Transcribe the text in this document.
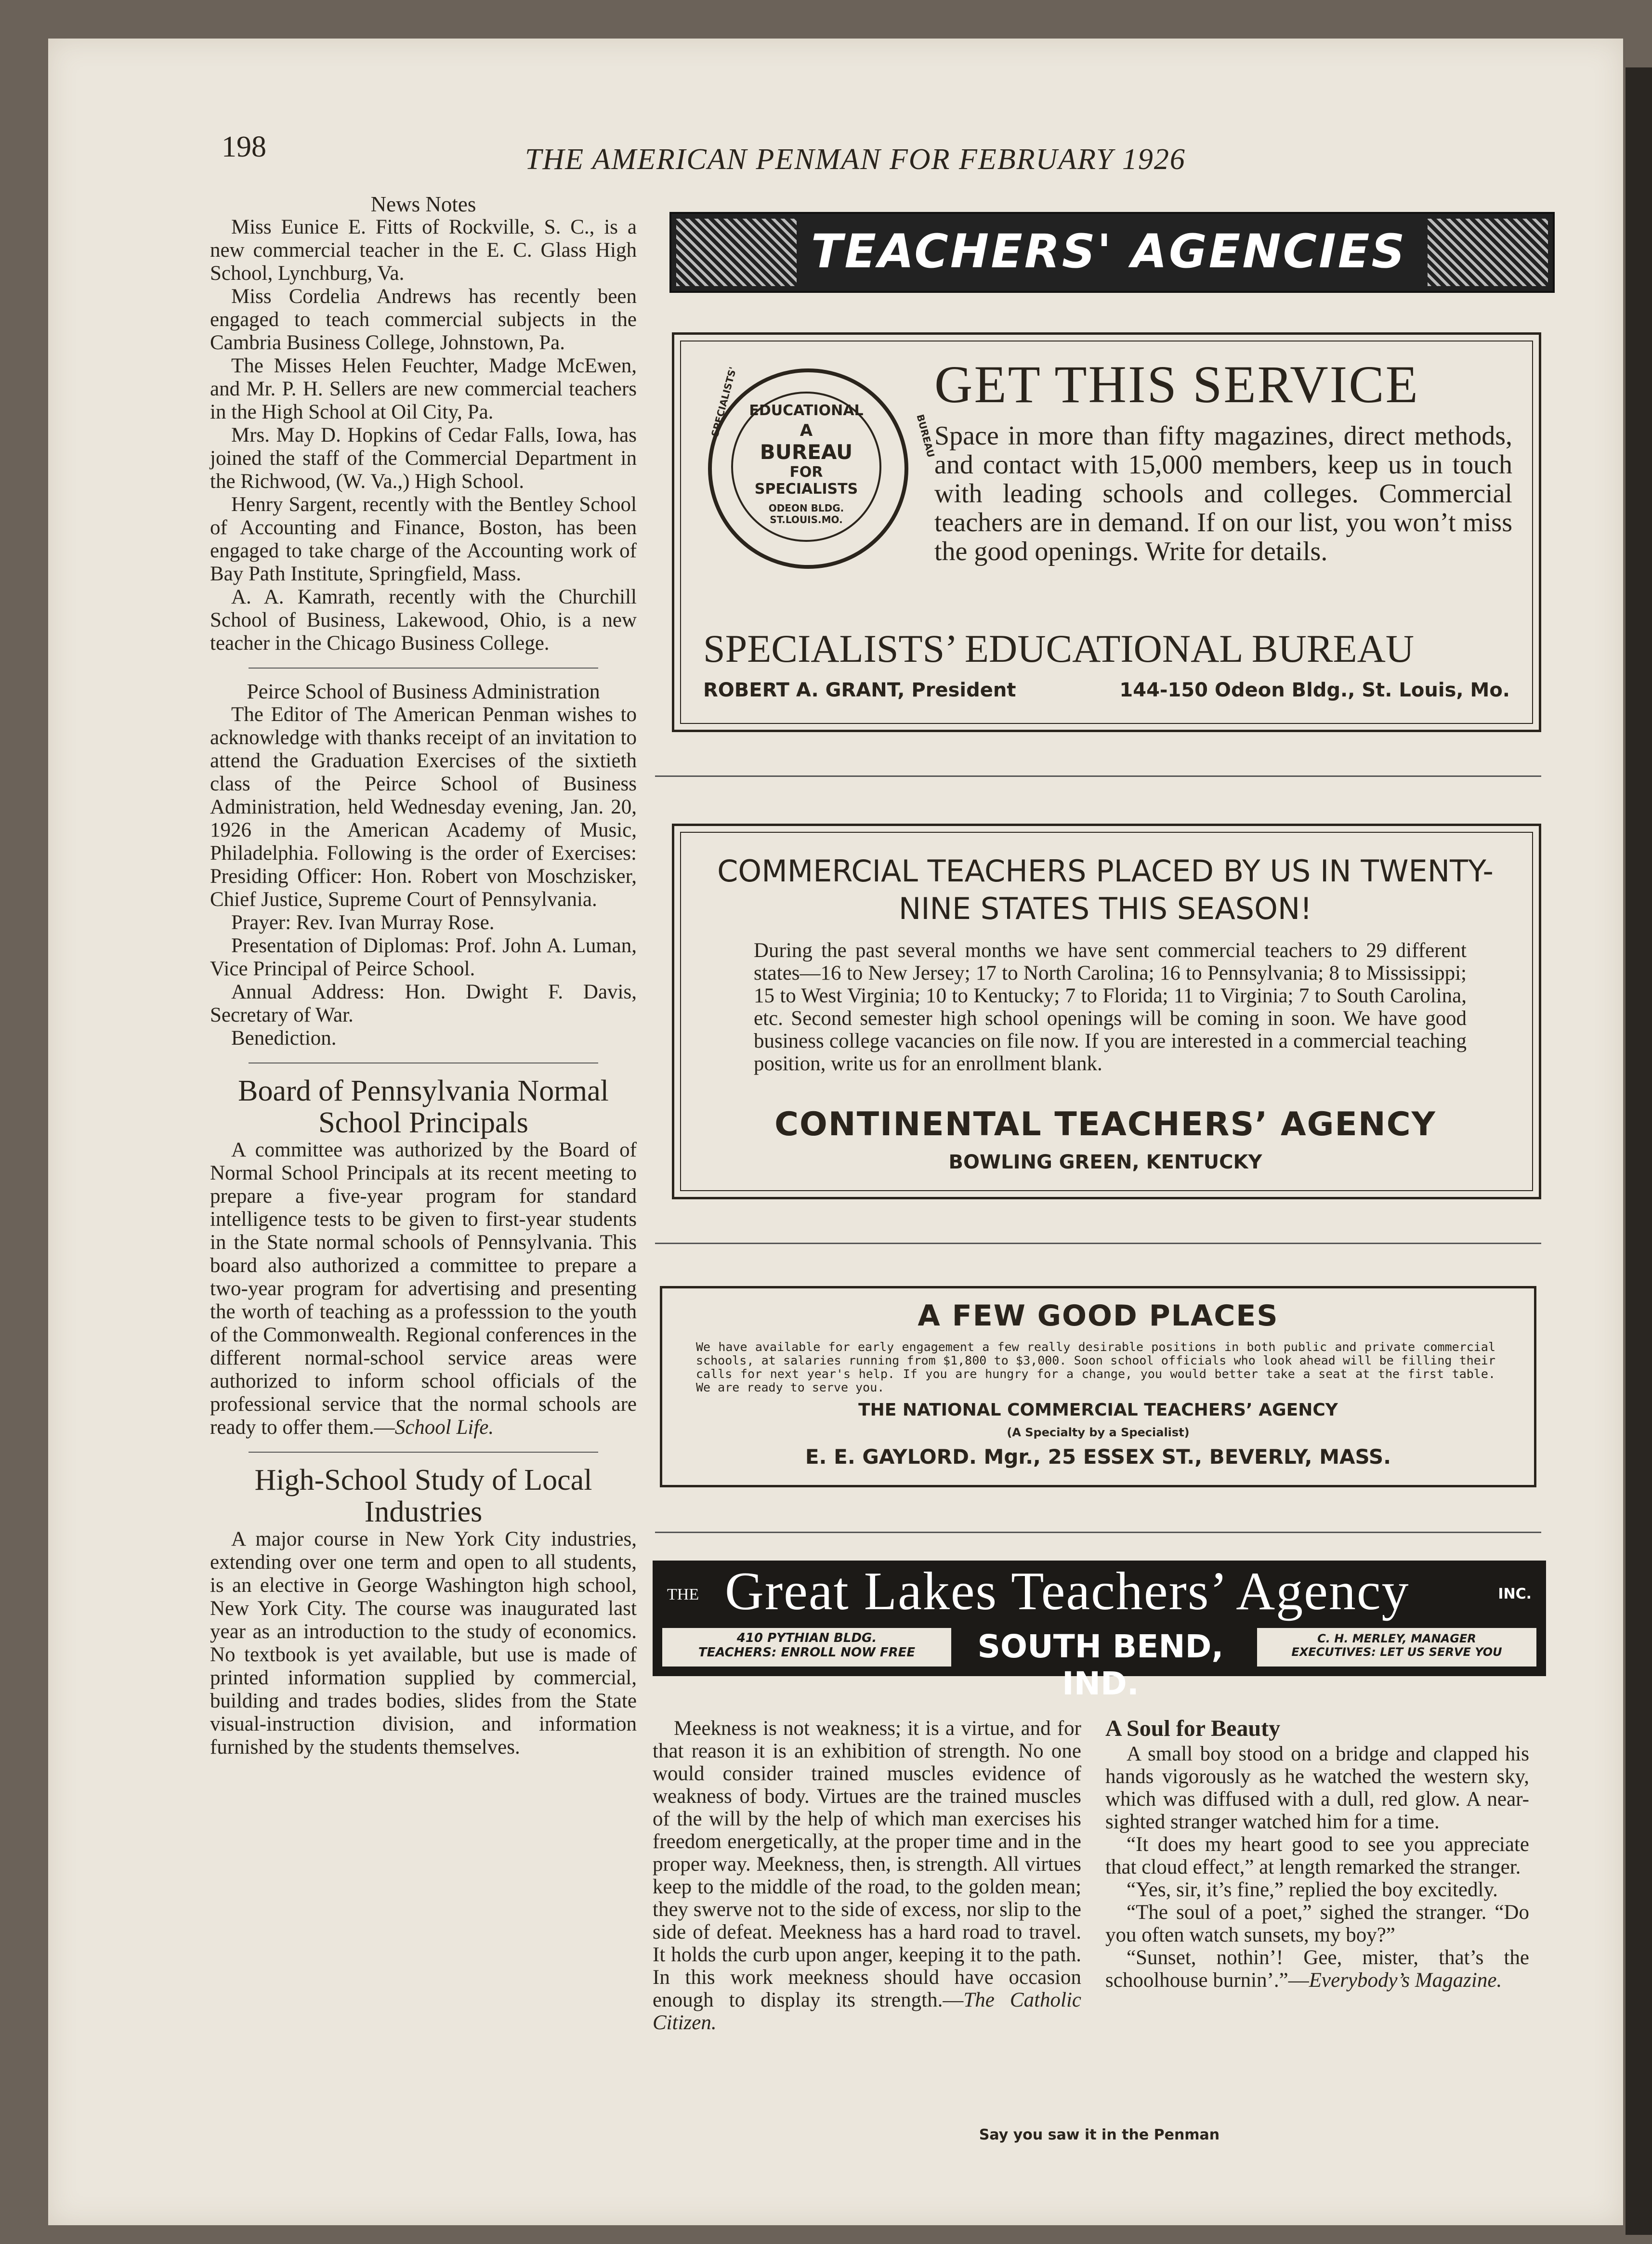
198	THE AMERICAN PENMAN FOR FEBRUARY 1926
News Notes

Miss Eunice E. Fitts of Rockville, S. C., is a new commercial teacher in the E. C. Glass High School, Lynchburg, Va.

Miss Cordelia Andrews has recently been engaged to teach commercial subjects in the Cambria Business College, Johnstown, Pa.

The Misses Helen Feuchter, Madge McEwen, and Mr. P. H. Sellers are new commercial teachers in the High School at Oil City, Pa.

Mrs. May D. Hopkins of Cedar Falls, Iowa, has joined the staff of the Commercial Department in the Richwood, (W. Va.,) High School.

Henry Sargent, recently with the Bentley School of Accounting and Finance, Boston, has been engaged to take charge of the Accounting work of Bay Path Institute, Springfield, Mass.

A. A. Kamrath, recently with the Churchill School of Business, Lakewood, Ohio, is a new teacher in the Chicago Business College.

Peirce School of Business Administration

The Editor of The American Penman wishes to acknowledge with thanks receipt of an invitation to attend the Graduation Exercises of the sixtieth class of the Peirce School of Business Administration, held Wednesday evening, Jan. 20, 1926 in the American Academy of Music, Philadelphia. Following is the order of Exercises: Presiding Officer: Hon. Robert von Moschzisker, Chief Justice, Supreme Court of Pennsylvania.

Prayer: Rev. Ivan Murray Rose.

Presentation of Diplomas: Prof. John A. Luman, Vice Principal of Peirce School.

Annual Address: Hon. Dwight F. Davis, Secretary of War.

Benediction.

Board of Pennsylvania Normal School Principals

A committee was authorized by the Board of Normal School Principals at its recent meeting to prepare a five-year program for standard intelligence tests to be given to first-year students in the State normal schools of Pennsylvania. This board also authorized a committee to prepare a two-year program for advertising and presenting the worth of teaching as a professsion to the youth of the Commonwealth. Regional conferences in the different normal-school service areas were authorized to inform school officials of the professional service that the normal schools are ready to offer them.—School Life.

High-School Study of Local Industries

A major course in New York City industries, extending over one term and open to all students, is an elective in George Washington high school, New York City. The course was inaugurated last year as an introduction to the study of economics. No textbook is yet available, but use is made of printed information supplied by commercial, building and trades bodies, slides from the State visual-instruction division, and information furnished by the students themselves.

TEACHERS' AGENCIES
EDUCATIONAL
A
BUREAU
FOR
SPECIALISTS
ODEON BLDG. ST.LOUIS.MO.
SPECIALISTS'	BUREAU
GET THIS SERVICE
Space in more than fifty magazines, direct methods, and contact with 15,000 members, keep us in touch with leading schools and colleges. Commercial teachers are in demand. If on our list, you won’t miss the good openings. Write for details.
SPECIALISTS’ EDUCATIONAL BUREAU
ROBERT A. GRANT, President	144-150 Odeon Bldg., St. Louis, Mo.
COMMERCIAL TEACHERS PLACED BY US IN TWENTY-NINE STATES THIS SEASON!
During the past several months we have sent commercial teachers to 29 different states—16 to New Jersey; 17 to North Carolina; 16 to Pennsylvania; 8 to Mississippi; 15 to West Virginia; 10 to Kentucky; 7 to Florida; 11 to Virginia; 7 to South Carolina, etc. Second semester high school openings will be coming in soon. We have good business college vacancies on file now. If you are interested in a commercial teaching position, write us for an enrollment blank.
CONTINENTAL TEACHERS’ AGENCY
BOWLING GREEN, KENTUCKY
A FEW GOOD PLACES
We have available for early engagement a few really desirable positions in both public and private commercial schools, at salaries running from $1,800 to $3,000. Soon school officials who look ahead will be filling their calls for next year's help. If you are hungry for a change, you would better take a seat at the first table. We are ready to serve you.
THE NATIONAL COMMERCIAL TEACHERS’ AGENCY
(A Specialty by a Specialist)
E. E. GAYLORD. Mgr., 25 ESSEX ST., BEVERLY, MASS.
THE Great Lakes Teachers’ Agency	INC.
410 PYTHIAN BLDG.
TEACHERS: ENROLL NOW FREE	SOUTH BEND, IND.
C. H. MERLEY, MANAGER
EXECUTIVES: LET US SERVE YOU

Meekness is not weakness; it is a virtue, and for that reason it is an exhibition of strength. No one would consider trained muscles evidence of weakness of body. Virtues are the trained muscles of the will by the help of which man exercises his freedom energetically, at the proper time and in the proper way. Meekness, then, is strength. All virtues keep to the middle of the road, to the golden mean; they swerve not to the side of excess, nor slip to the side of defeat. Meekness has a hard road to travel. It holds the curb upon anger, keeping it to the path. In this work meekness should have occasion enough to display its strength.—The Catholic Citizen.

A Soul for Beauty

A small boy stood on a bridge and clapped his hands vigorously as he watched the western sky, which was diffused with a dull, red glow. A near-sighted stranger watched him for a time.

“It does my heart good to see you appreciate that cloud effect,” at length remarked the stranger.

“Yes, sir, it’s fine,” replied the boy excitedly.

“The soul of a poet,” sighed the stranger. “Do you often watch sunsets, my boy?”

“Sunset, nothin’! Gee, mister, that’s the schoolhouse burnin’.”—Everybody’s Magazine.

Say you saw it in the Penman
